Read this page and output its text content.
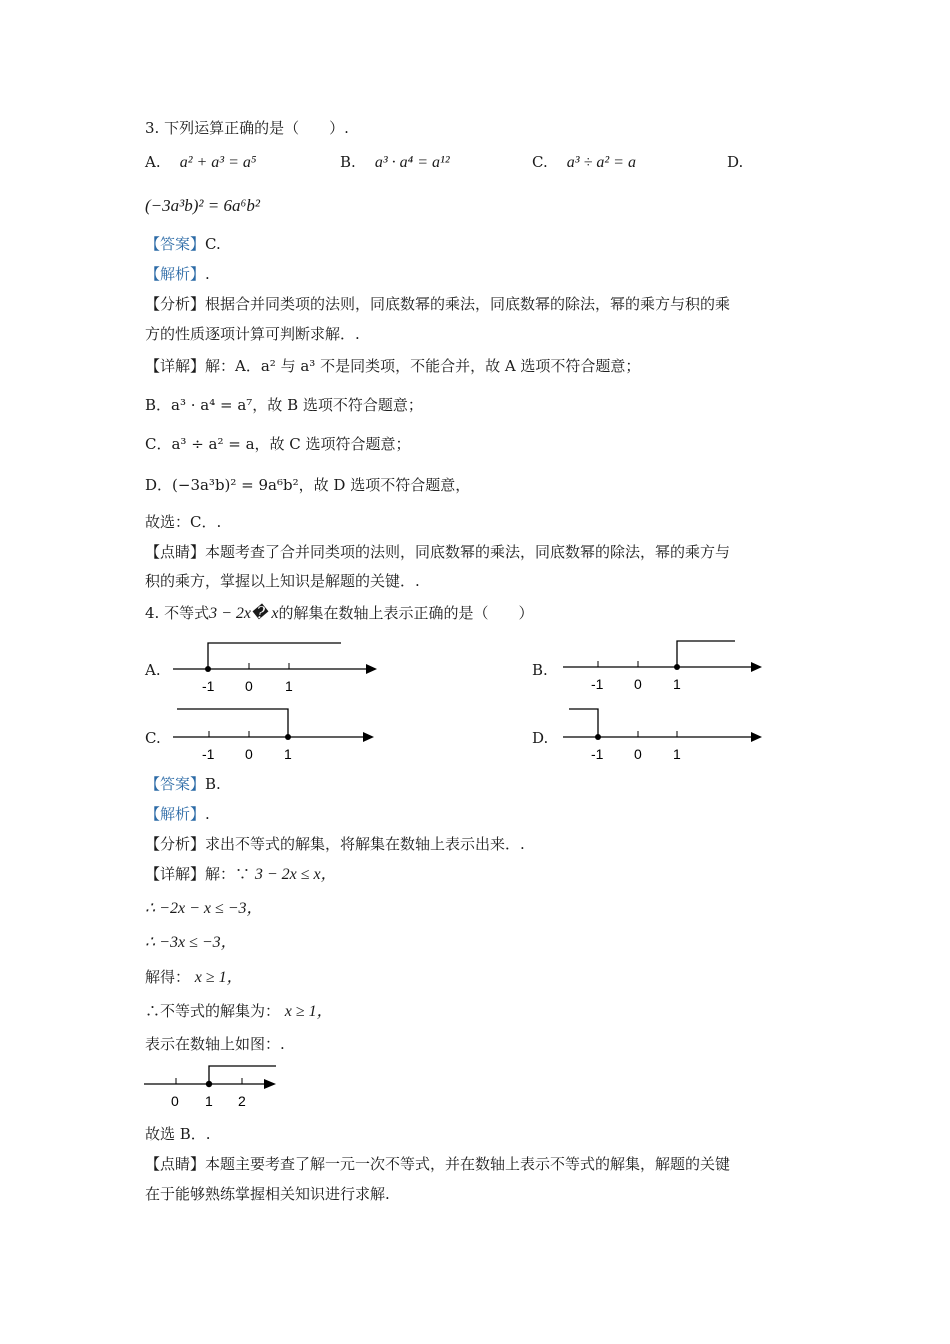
3. 下列运算正确的是（　　）.
A. a² + a³ = a⁵	B. a³ · a⁴ = a¹²	C. a³ ÷ a² = a	D.
(−3a³b)² = 6a⁶b²
【答案】C.
【解析】.
【分析】根据合并同类项的法则，同底数幂的乘法，同底数幂的除法，幂的乘方与积的乘
方的性质逐项计算可判断求解．.
【详解】解：A．a² 与 a³ 不是同类项，不能合并，故 A 选项不符合题意；
B．a³ · a⁴ = a⁷，故 B 选项不符合题意；
C．a³ ÷ a² = a，故 C 选项符合题意；
D．(−3a³b)² = 9a⁶b²，故 D 选项不符合题意，
故选：C．.
【点睛】本题考查了合并同类项的法则，同底数幂的乘法，同底数幂的除法，幂的乘方与
积的乘方，掌握以上知识是解题的关键．.
4. 不等式3 − 2x� x的解集在数轴上表示正确的是（　　）
A.
-1 0 1
B.
-1 0 1
C.
-1 0 1
D.
-1 0 1
【答案】B.
【解析】.
【分析】求出不等式的解集，将解集在数轴上表示出来．.
【详解】解：∵ 3 − 2x ≤ x，
∴ −2x − x ≤ −3，
∴ −3x ≤ −3，
解得： x ≥ 1，
∴不等式的解集为： x ≥ 1，
表示在数轴上如图：.
0 1 2
故选 B．.
【点睛】本题主要考查了解一元一次不等式，并在数轴上表示不等式的解集，解题的关键
在于能够熟练掌握相关知识进行求解.
